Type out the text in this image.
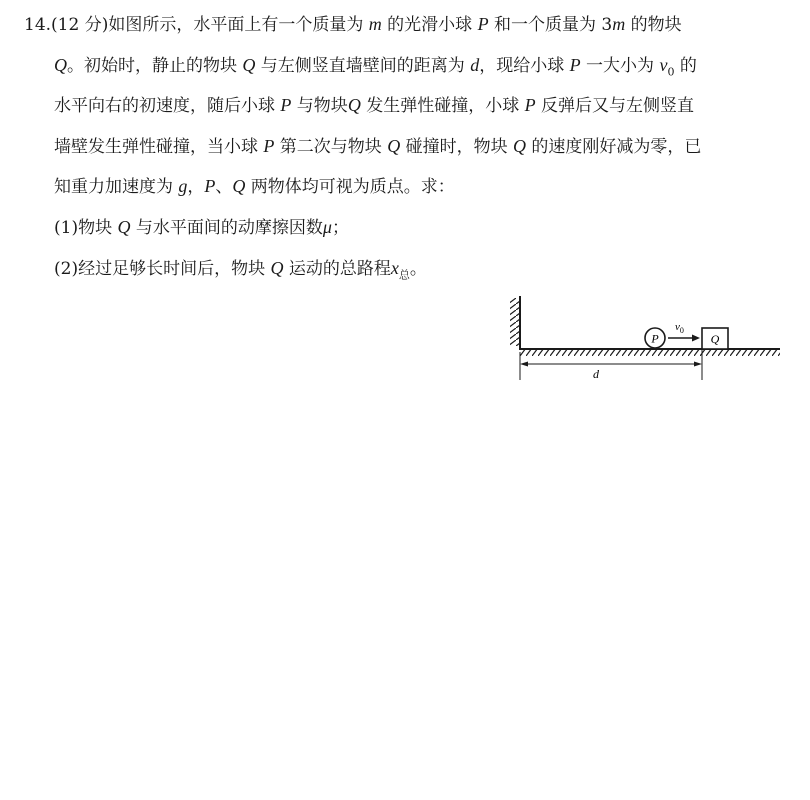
14.(12 分)如图所示，水平面上有一个质量为 m 的光滑小球 P 和一个质量为 3m 的物块
Q。初始时，静止的物块 Q 与左侧竖直墙壁间的距离为 d，现给小球 P 一大小为 $v_0$ 的
水平向右的初速度，随后小球 P 与物块Q 发生弹性碰撞，小球 P 反弹后又与左侧竖直
墙壁发生弹性碰撞，当小球 P 第二次与物块 Q 碰撞时，物块 Q 的速度刚好减为零，已
知重力加速度为 g，P、Q 两物体均可视为质点。求：
(1)物块 Q 与水平面间的动摩擦因数μ；
(2)经过足够长时间后，物块 Q 运动的总路程$x_总$。
P
$v_0$
Q
d
